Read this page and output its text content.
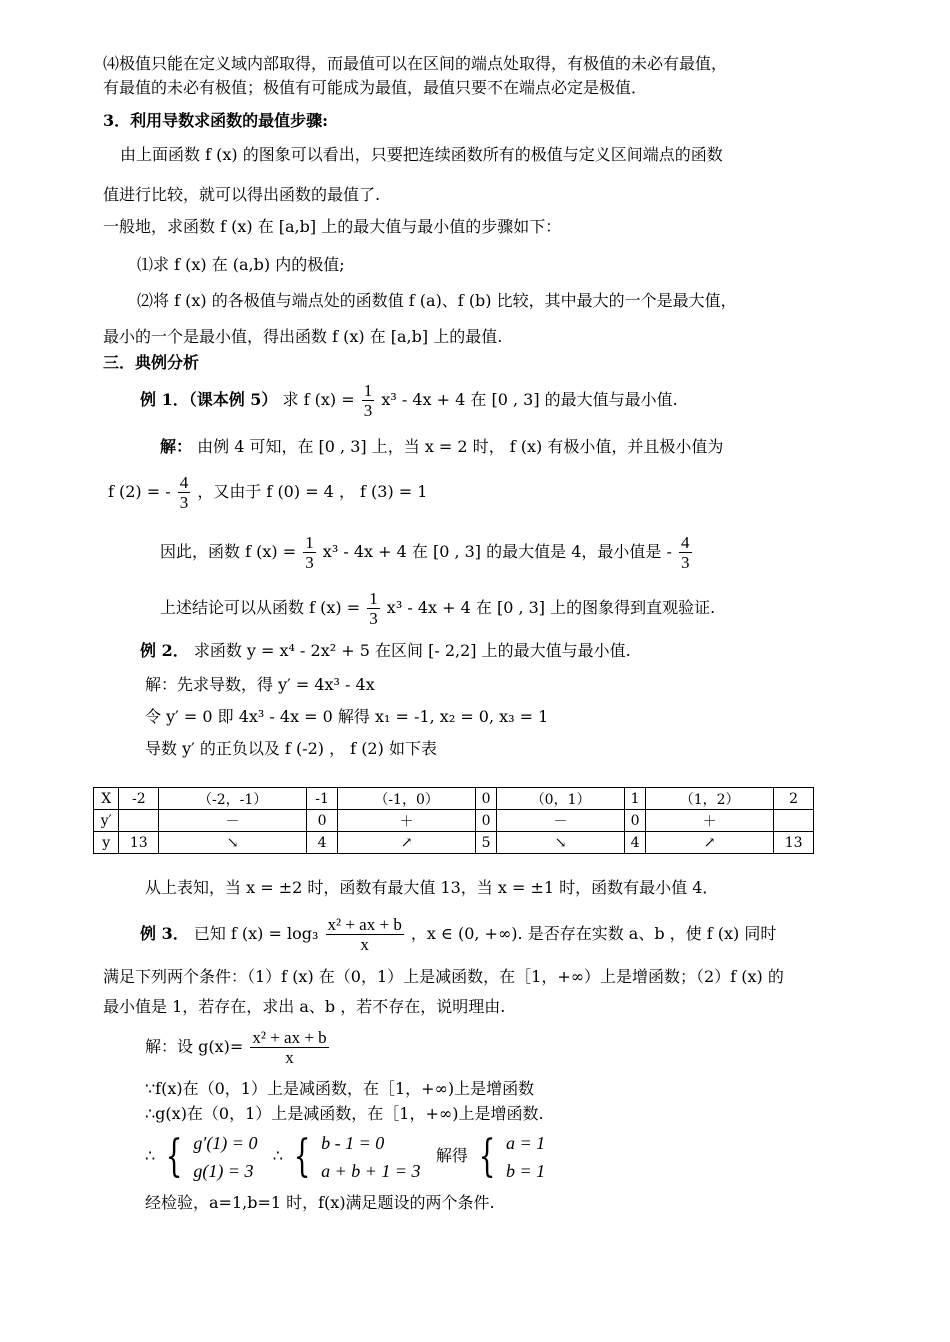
⑷极值只能在定义域内部取得，而最值可以在区间的端点处取得，有极值的未必有最值，
有最值的未必有极值；极值有可能成为最值，最值只要不在端点必定是极值．
3．利用导数求函数的最值步骤:
由上面函数 f (x) 的图象可以看出，只要把连续函数所有的极值与定义区间端点的函数
值进行比较，就可以得出函数的最值了.
一般地，求函数 f (x) 在 [a,b] 上的最大值与最小值的步骤如下：
⑴求 f (x) 在 (a,b) 内的极值;
⑵将 f (x) 的各极值与端点处的函数值 f (a)、f (b) 比较，其中最大的一个是最大值，
最小的一个是最小值，得出函数 f (x) 在 [a,b] 上的最值.
三．典例分析
例 1．（课本例 5） 求 f $(x) = \frac{1}{3} x^3 - 4x + 4$ 在 [0 , 3] 的最大值与最小值.
解： 由例 4 可知，在 [0 , 3] 上，当 x = 2 时， f (x) 有极小值，并且极小值为
f (2) = - $\frac{4}{3}$ ，又由于 f (0) = 4 ， f (3) = 1
因此，函数 f $(x) = \frac{1}{3} x^3 - 4x + 4$ 在 [0 , 3] 的最大值是 4，最小值是 - $\frac{4}{3}$
上述结论可以从函数 f $(x) = \frac{1}{3} x^3 - 4x + 4$ 在 [0 , 3] 上的图象得到直观验证.
例 2． 求函数 y = x⁴ - 2x² + 5 在区间 [- 2,2] 上的最大值与最小值.
解：先求导数，得 y′ = 4x³ - 4x
令 y′ = 0 即 4x³ - 4x = 0 解得 x₁ = -1, x₂ = 0, x₃ = 1
导数 y′ 的正负以及 f (-2) ， f (2) 如下表
X	-2	（-2，-1）	-1	（-1，0）	0	（0，1）	1	（1，2）	2
y′		－	0	＋	0	－	0	＋	
y	13	↘	4	↗	5	↘	4	↗	13
从上表知，当 x = ±2 时，函数有最大值 13，当 x = ±1 时，函数有最小值 4．
例 3． 已知 f $(x) = \log_3 \frac{\text{x² + ax + b}}{x}$ ，x ∈ (0, +∞). 是否存在实数 a、b ，使 f (x) 同时
满足下列两个条件：（1）f (x) 在（0，1）上是减函数，在［1，+∞）上是增函数；（2）f (x) 的
最小值是 1，若存在，求出 a、b ，若不存在，说明理由.
解：设 $g(x)= \frac{\text{x² + ax + b}}{x}$
∵f(x)在（0，1）上是减函数，在［1，+∞)上是增函数
∴g(x)在（0，1）上是减函数，在［1，+∞)上是增函数.
∴ { g′(1) = 0
g(1) = 3
∴ { b - 1 = 0
a + b + 1 = 3
解得 { a = 1
b = 1
经检验，a=1,b=1 时，f(x)满足题设的两个条件.
